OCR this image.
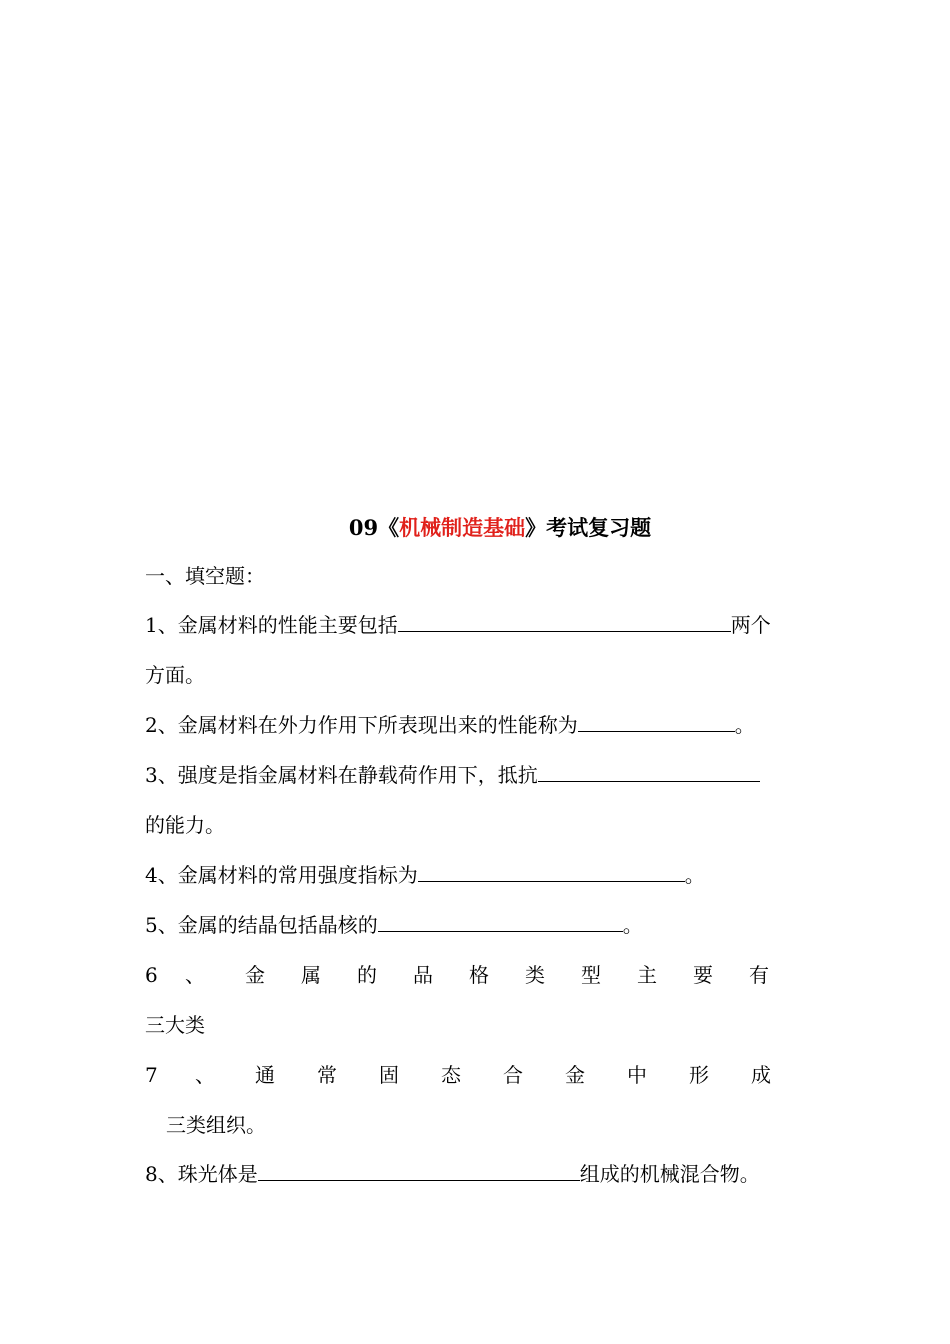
09《机械制造基础》考试复习题
一、填空题：
1、金属材料的性能主要包括	两个
方面。
2、金属材料在外力作用下所表现出来的性能称为	。
3、强度是指金属材料在静载荷作用下，抵抗
的能力。
4、金属材料的常用强度指标为	。
5、金属的结晶包括晶核的	。
6 、 金 属 的 品 格 类 型 主 要 有
三大类
7 、 通 常 固 态 合 金 中 形 成
三类组织。
8、珠光体是	组成的机械混合物。
